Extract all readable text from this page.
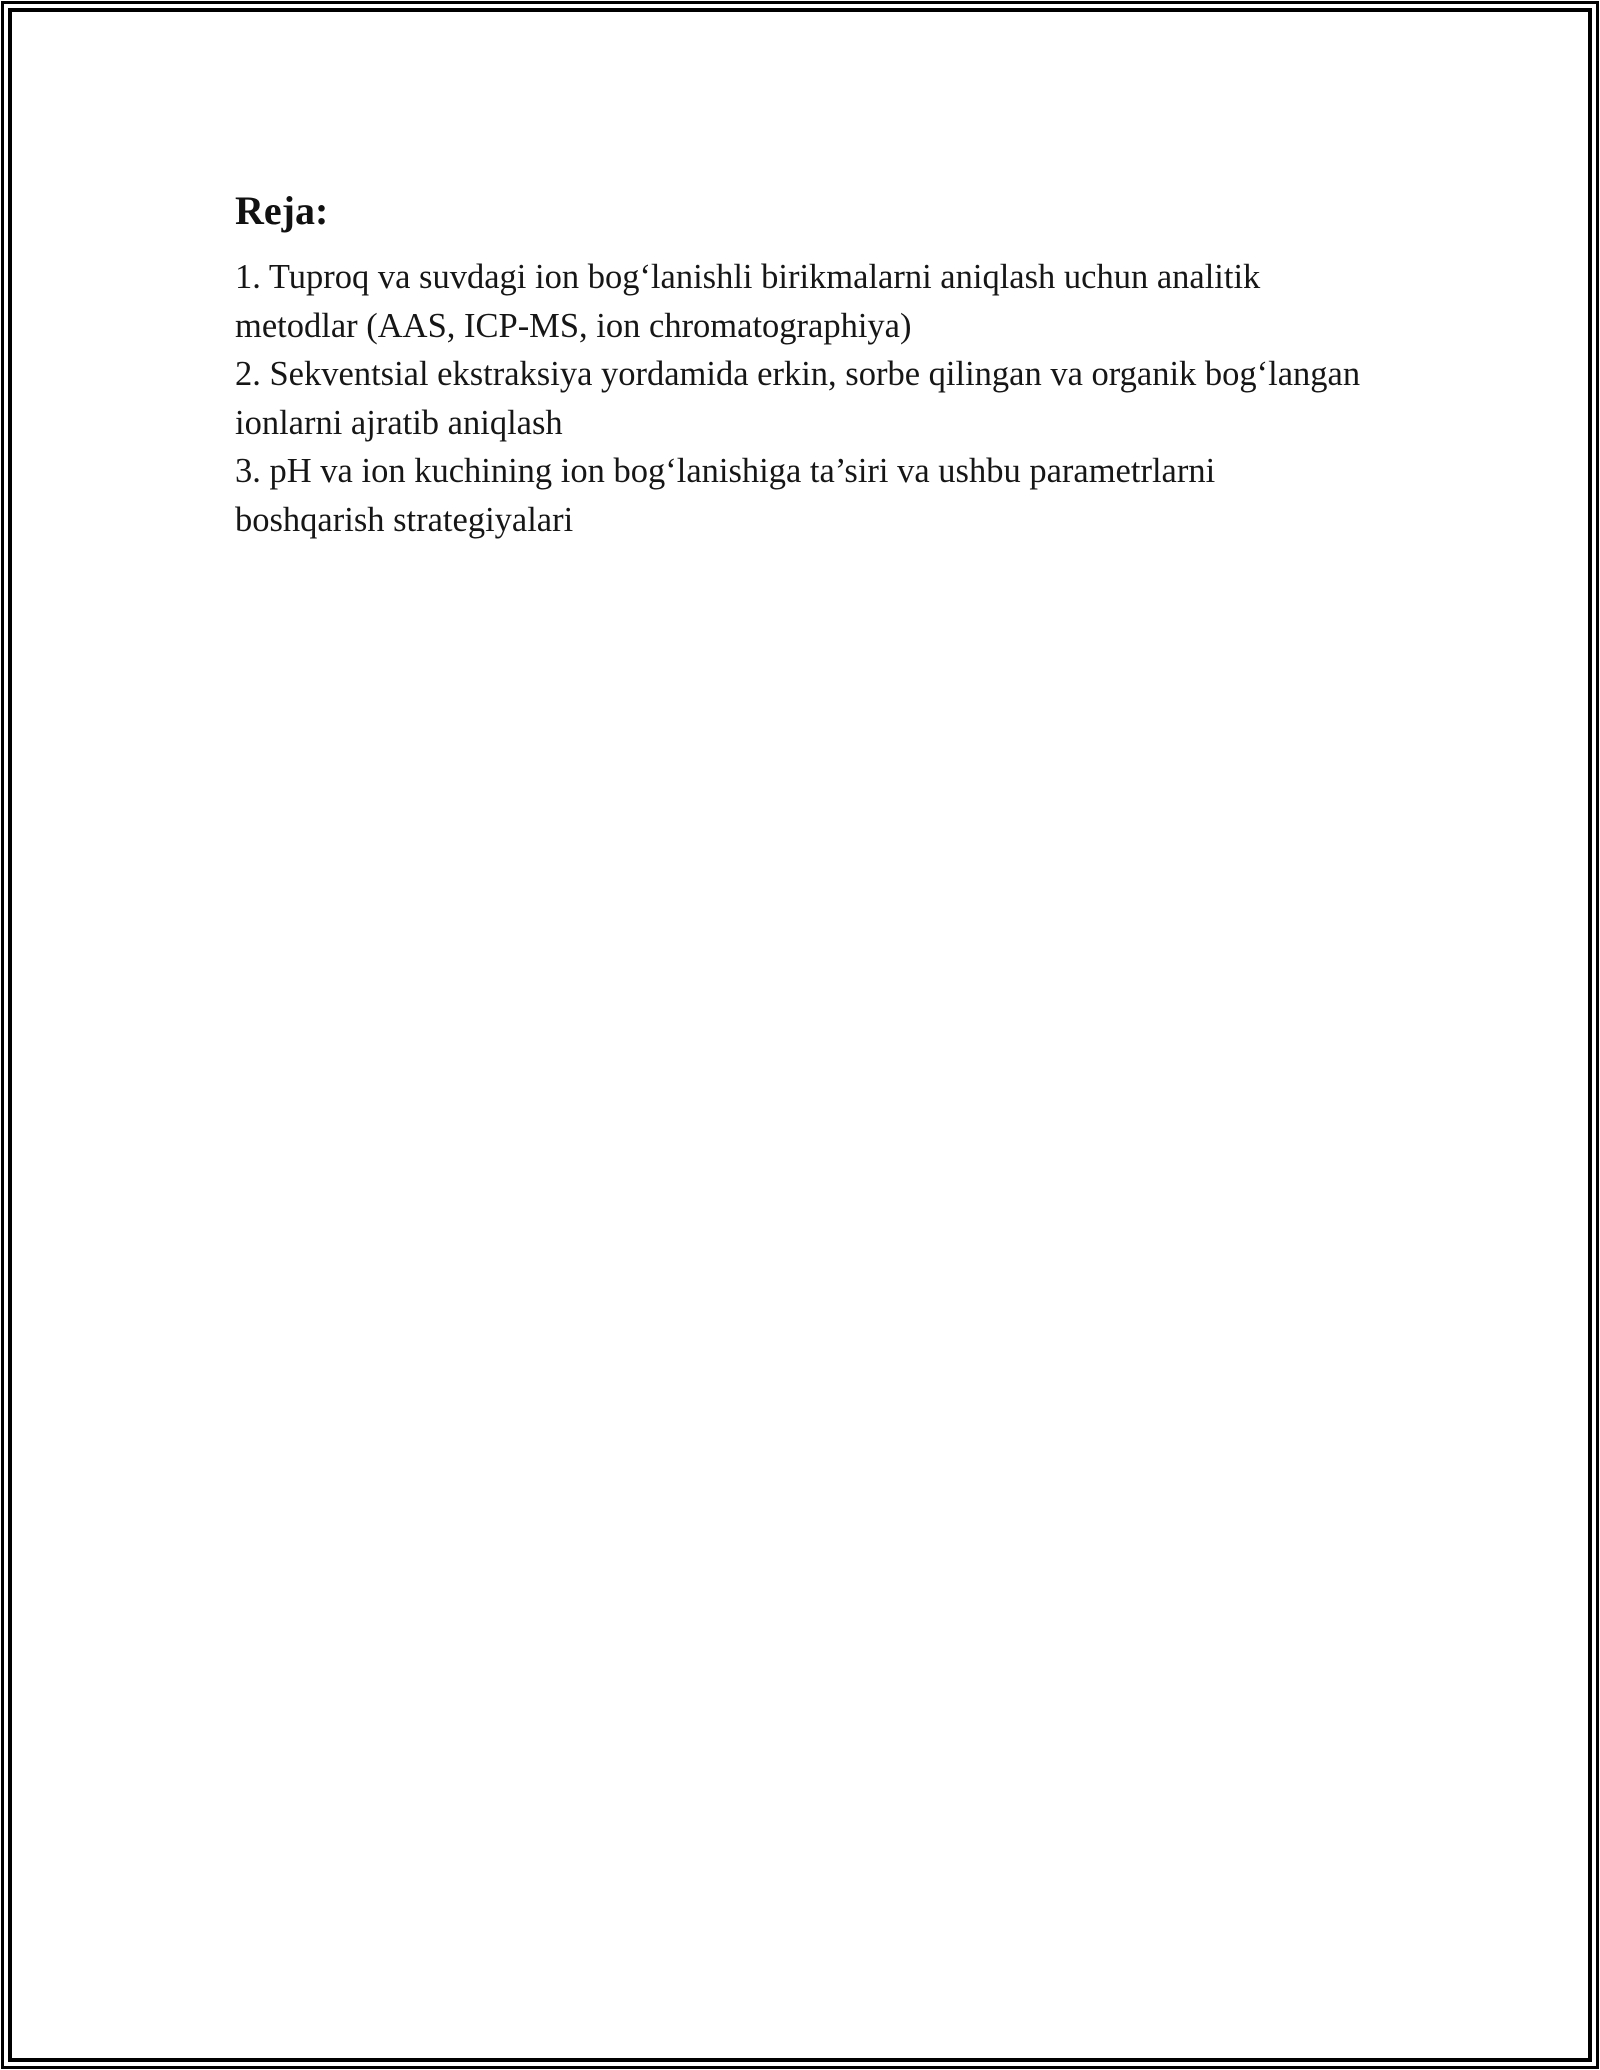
Reja:
1. Tuproq va suvdagi ion bog‘lanishli birikmalarni aniqlash uchun analitik metodlar (AAS, ICP-MS, ion chromatographiya)
2. Sekventsial ekstraksiya yordamida erkin, sorbe qilingan va organik bog‘langan ionlarni ajratib aniqlash
3. pH va ion kuchining ion bog‘lanishiga ta’siri va ushbu parametrlarni boshqarish strategiyalari
